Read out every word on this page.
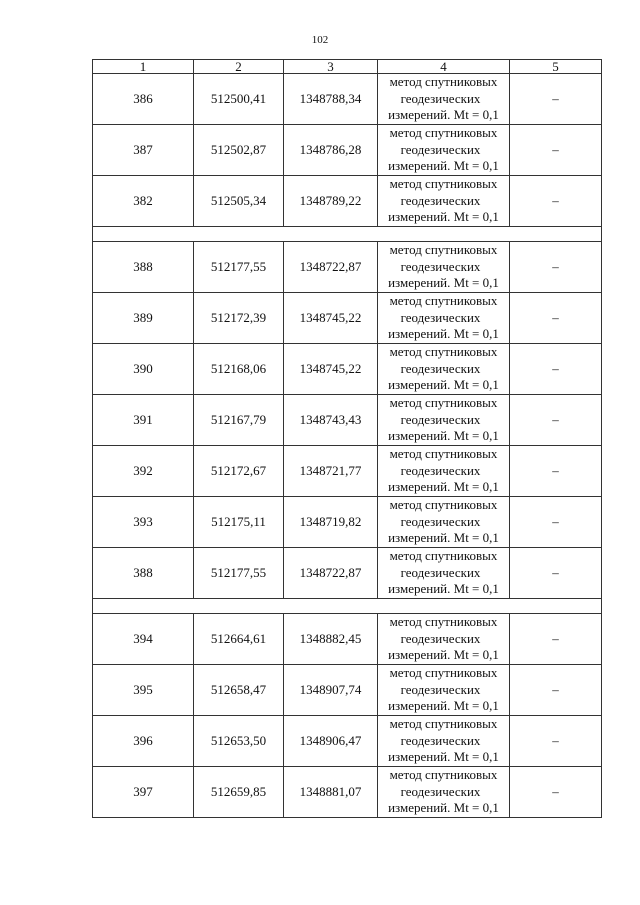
102
1	2	3	4	5
386	512500,41	1348788,34	метод спутниковых
геодезических
измерений. Mt = 0,1	–
387	512502,87	1348786,28	метод спутниковых
геодезических
измерений. Mt = 0,1	–
382	512505,34	1348789,22	метод спутниковых
геодезических
измерений. Mt = 0,1	–

388	512177,55	1348722,87	метод спутниковых
геодезических
измерений. Mt = 0,1	–
389	512172,39	1348745,22	метод спутниковых
геодезических
измерений. Mt = 0,1	–
390	512168,06	1348745,22	метод спутниковых
геодезических
измерений. Mt = 0,1	–
391	512167,79	1348743,43	метод спутниковых
геодезических
измерений. Mt = 0,1	–
392	512172,67	1348721,77	метод спутниковых
геодезических
измерений. Mt = 0,1	–
393	512175,11	1348719,82	метод спутниковых
геодезических
измерений. Mt = 0,1	–
388	512177,55	1348722,87	метод спутниковых
геодезических
измерений. Mt = 0,1	–

394	512664,61	1348882,45	метод спутниковых
геодезических
измерений. Mt = 0,1	–
395	512658,47	1348907,74	метод спутниковых
геодезических
измерений. Mt = 0,1	–
396	512653,50	1348906,47	метод спутниковых
геодезических
измерений. Mt = 0,1	–
397	512659,85	1348881,07	метод спутниковых
геодезических
измерений. Mt = 0,1	–
